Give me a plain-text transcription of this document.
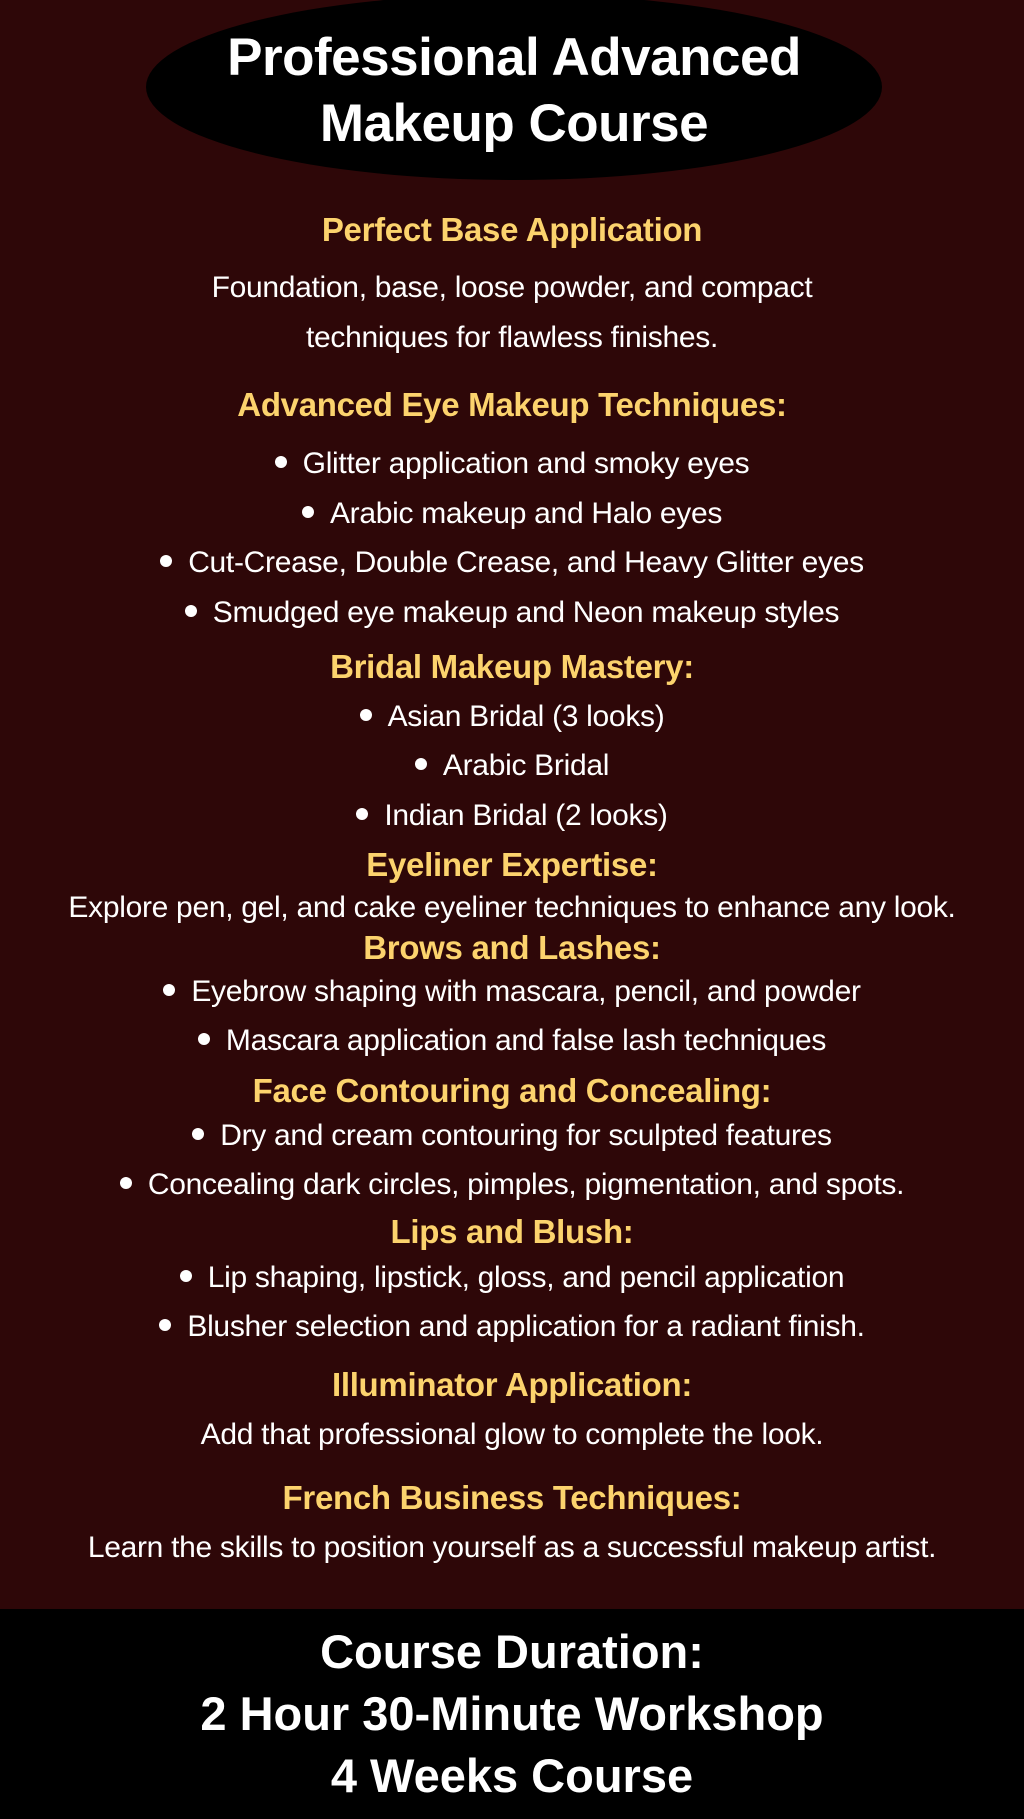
Professional Advanced
Makeup Course
Perfect Base Application
Foundation, base, loose powder, and compact
techniques for flawless finishes.
Advanced Eye Makeup Techniques:
Glitter application and smoky eyes
Arabic makeup and Halo eyes
Cut-Crease, Double Crease, and Heavy Glitter eyes
Smudged eye makeup and Neon makeup styles
Bridal Makeup Mastery:
Asian Bridal (3 looks)
Arabic Bridal
Indian Bridal (2 looks)
Eyeliner Expertise:
Explore pen, gel, and cake eyeliner techniques to enhance any look.
Brows and Lashes:
Eyebrow shaping with mascara, pencil, and powder
Mascara application and false lash techniques
Face Contouring and Concealing:
Dry and cream contouring for sculpted features
Concealing dark circles, pimples, pigmentation, and spots.
Lips and Blush:
Lip shaping, lipstick, gloss, and pencil application
Blusher selection and application for a radiant finish.
Illuminator Application:
Add that professional glow to complete the look.
French Business Techniques:
Learn the skills to position yourself as a successful makeup artist.
Course Duration:
2 Hour 30-Minute Workshop
4 Weeks Course
